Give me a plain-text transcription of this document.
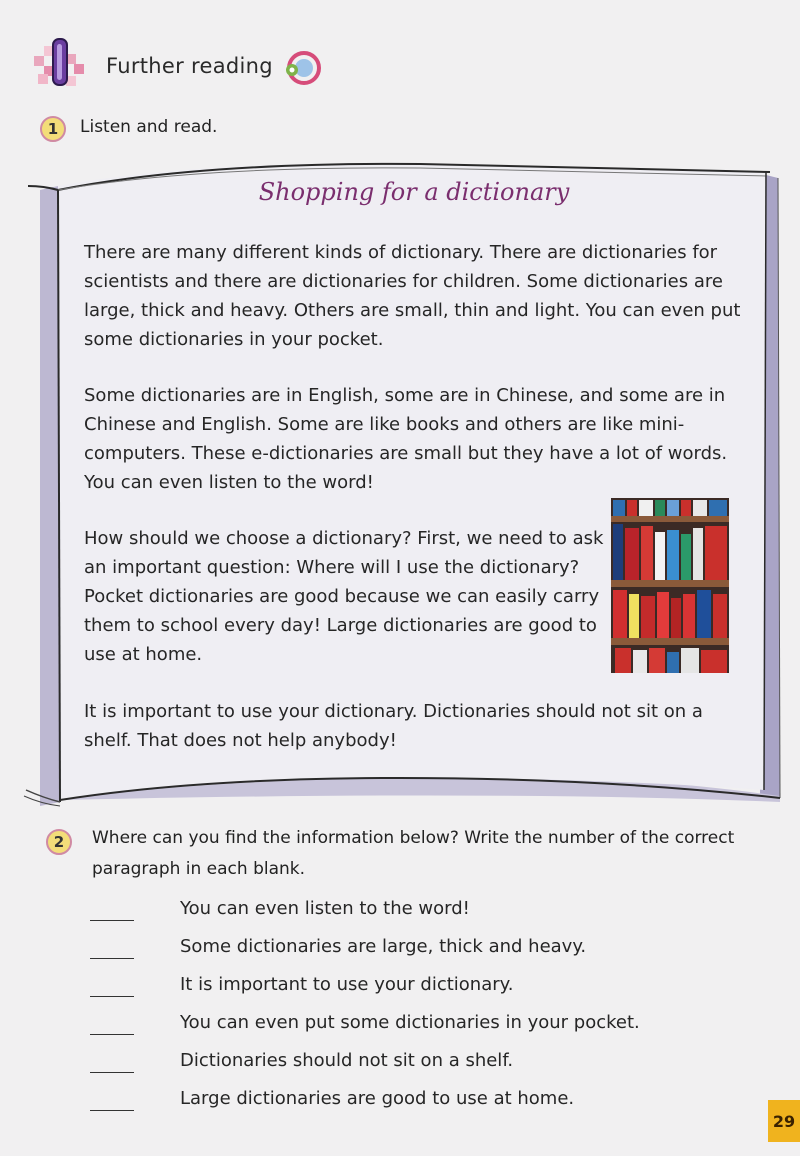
Further reading
1	Listen and read.
Shopping for a dictionary

There are many different kinds of dictionary. There are dictionaries for scientists and there are dictionaries for children. Some dictionaries are large, thick and heavy. Others are small, thin and light. You can even put some dictionaries in your pocket.

Some dictionaries are in English, some are in Chinese, and some are in Chinese and English. Some are like books and others are like mini-computers. These e-dictionaries are small but they have a lot of words. You can even listen to the word!

How should we choose a dictionary? First, we need to ask an important question: Where will I use the dictionary? Pocket dictionaries are good because we can easily carry them to school every day! Large dictionaries are good to use at home.

It is important to use your dictionary. Dictionaries should not sit on a shelf. That does not help anybody!

2	Where can you find the information below? Write the number of the correct paragraph in each blank.
You can even listen to the word!
Some dictionaries are large, thick and heavy.
It is important to use your dictionary.
You can even put some dictionaries in your pocket.
Dictionaries should not sit on a shelf.
Large dictionaries are good to use at home.
29
